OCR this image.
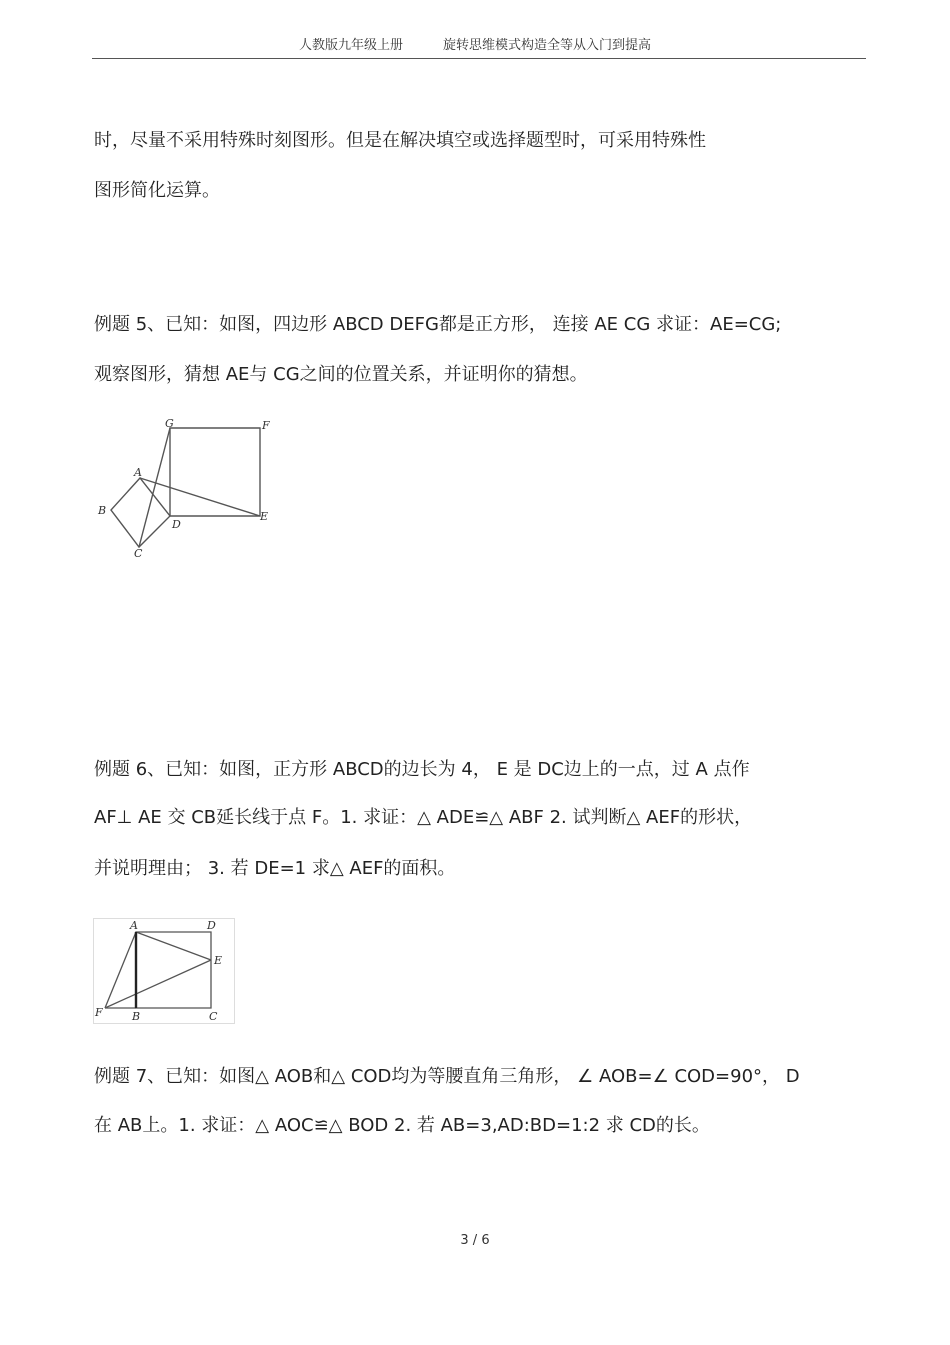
人教版九年级上册	旋转思维模式构造全等从入门到提高
时，尽量不采用特殊时刻图形。但是在解决填空或选择题型时，可采用特殊性
图形简化运算。
例题 5、已知：如图，四边形 ABCD DEFG都是正方形， 连接 AE CG 求证：AE=CG;
观察图形，猜想 AE与 CG之间的位置关系，并证明你的猜想。
G	F
A
B
D
E
C
例题 6、已知：如图，正方形 ABCD的边长为 4， E 是 DC边上的一点，过 A 点作
AF⊥ AE 交 CB延长线于点 F。1. 求证：△ ADE≌△ ABF 2. 试判断△ AEF的形状，
并说明理由； 3. 若 DE=1 求△ AEF的面积。
A	D
E
F	B	C
例题 7、已知：如图△ AOB和△ COD均为等腰直角三角形， ∠ AOB=∠ COD=90°， D
在 AB上。1. 求证：△ AOC≌△ BOD 2. 若 AB=3,AD:BD=1:2 求 CD的长。
3 / 6
